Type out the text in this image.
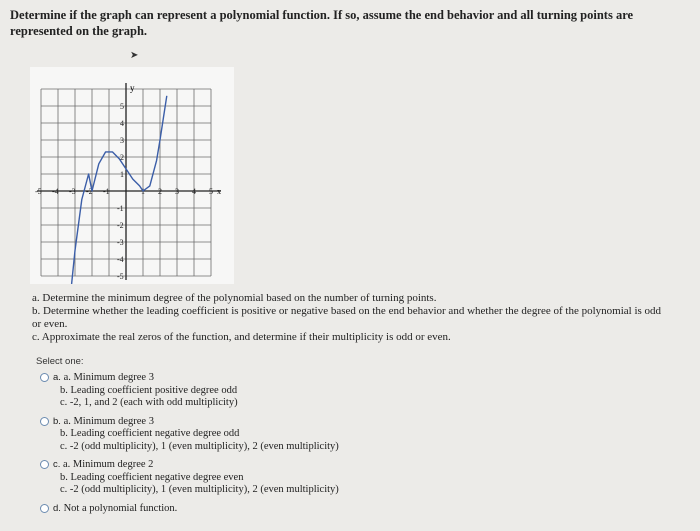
Determine if the graph can represent a polynomial function. If so, assume the end behavior and all turning points are represented on the graph.
➤
-5 -4 -3 -2 -1	1 2 3 4 5
5
4
3
2
1
-1
-2
-3
-4
-5
y
x
a. Determine the minimum degree of the polynomial based on the number of turning points.
b. Determine whether the leading coefficient is positive or negative based on the end behavior and whether the degree of the polynomial is odd or even.
c. Approximate the real zeros of the function, and determine if their multiplicity is odd or even.
Select one:
a. a. Minimum degree 3
b. Leading coefficient positive degree odd
c. -2, 1, and 2 (each with odd multiplicity)
b. a. Minimum degree 3
b. Leading coefficient negative degree odd
c. -2 (odd multiplicity), 1 (even multiplicity), 2 (even multiplicity)
c. a. Minimum degree 2
b. Leading coefficient negative degree even
c. -2 (odd multiplicity), 1 (even multiplicity), 2 (even multiplicity)
d. Not a polynomial function.
